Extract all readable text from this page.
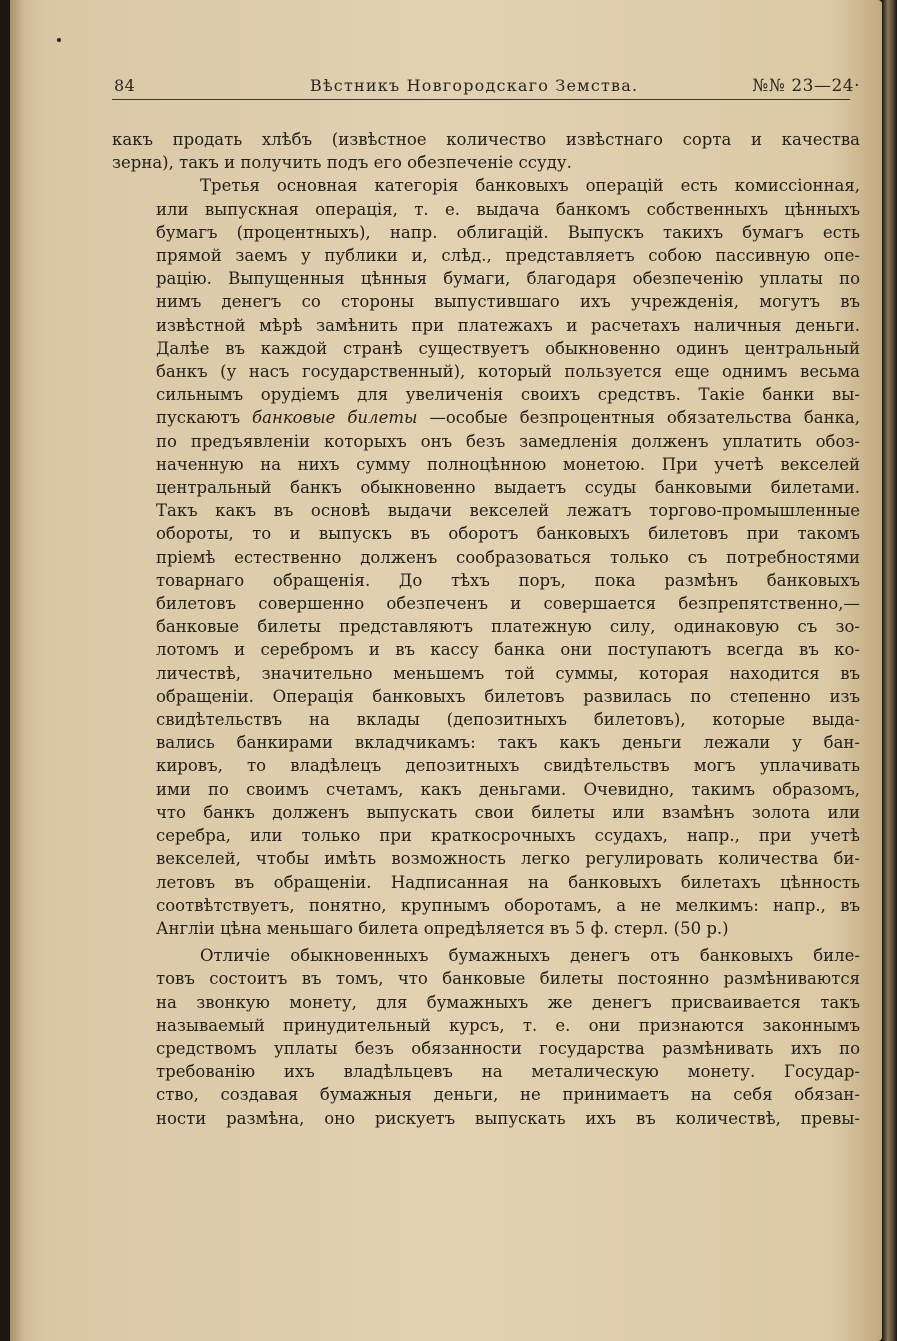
84	Вѣстникъ Новгородскаго Земства.	№№ 23—24·
какъ продать хлѣбъ (извѣстное количество извѣстнаго сорта и качества
зерна), такъ и получить подъ его обезпеченіе ссуду.
Третья основная категорія банковыхъ операцій есть комиссіонная,
или выпускная операція, т. е. выдача банкомъ собственныхъ цѣнныхъ
бумагъ (процентныхъ), напр. облигацій. Выпускъ такихъ бумагъ есть
прямой заемъ у публики и, слѣд., представляетъ собою пассивную опе-
рацію. Выпущенныя цѣнныя бумаги, благодаря обезпеченію уплаты по
нимъ денегъ со стороны выпустившаго ихъ учрежденія, могутъ въ
извѣстной мѣрѣ замѣнить при платежахъ и расчетахъ наличныя деньги.
Далѣе въ каждой странѣ существуетъ обыкновенно одинъ центральный
банкъ (у насъ государственный), который пользуется еще однимъ весьма
сильнымъ орудіемъ для увеличенія своихъ средствъ. Такіе банки вы-
пускаютъ банковые билеты —особые безпроцентныя обязательства банка,
по предъявленіи которыхъ онъ безъ замедленія долженъ уплатить обоз-
наченную на нихъ сумму полноцѣнною монетою. При учетѣ векселей
центральный банкъ обыкновенно выдаетъ ссуды банковыми билетами.
Такъ какъ въ основѣ выдачи векселей лежатъ торгово-промышленные
обороты, то и выпускъ въ оборотъ банковыхъ билетовъ при такомъ
пріемѣ естественно долженъ сообразоваться только съ потребностями
товарнаго обращенія. До тѣхъ поръ, пока размѣнъ банковыхъ
билетовъ совершенно обезпеченъ и совершается безпрепятственно,—
банковые билеты представляютъ платежную силу, одинаковую съ зо-
лотомъ и серебромъ и въ кассу банка они поступаютъ всегда въ ко-
личествѣ, значительно меньшемъ той суммы, которая находится въ
обращеніи. Операція банковыхъ билетовъ развилась по степенно изъ
свидѣтельствъ на вклады (депозитныхъ билетовъ), которые выда-
вались банкирами вкладчикамъ: такъ какъ деньги лежали у бан-
кировъ, то владѣлецъ депозитныхъ свидѣтельствъ могъ уплачивать
ими по своимъ счетамъ, какъ деньгами. Очевидно, такимъ образомъ,
что банкъ долженъ выпускать свои билеты или взамѣнъ золота или
серебра, или только при краткосрочныхъ ссудахъ, напр., при учетѣ
векселей, чтобы имѣть возможность легко регулировать количества би-
летовъ въ обращеніи. Надписанная на банковыхъ билетахъ цѣнность
соотвѣтствуетъ, понятно, крупнымъ оборотамъ, а не мелкимъ: напр., въ
Англіи цѣна меньшаго билета опредѣляется въ 5 ф. стерл. (50 р.)
Отличіе обыкновенныхъ бумажныхъ денегъ отъ банковыхъ биле-
товъ состоитъ въ томъ, что банковые билеты постоянно размѣниваются
на звонкую монету, для бумажныхъ же денегъ присваивается такъ
называемый принудительный курсъ, т. е. они признаются законнымъ
средствомъ уплаты безъ обязанности государства размѣнивать ихъ по
требованію ихъ владѣльцевъ на металическую монету. Государ-
ство, создавая бумажныя деньги, не принимаетъ на себя обязан-
ности размѣна, оно рискуетъ выпускать ихъ въ количествѣ, превы-
